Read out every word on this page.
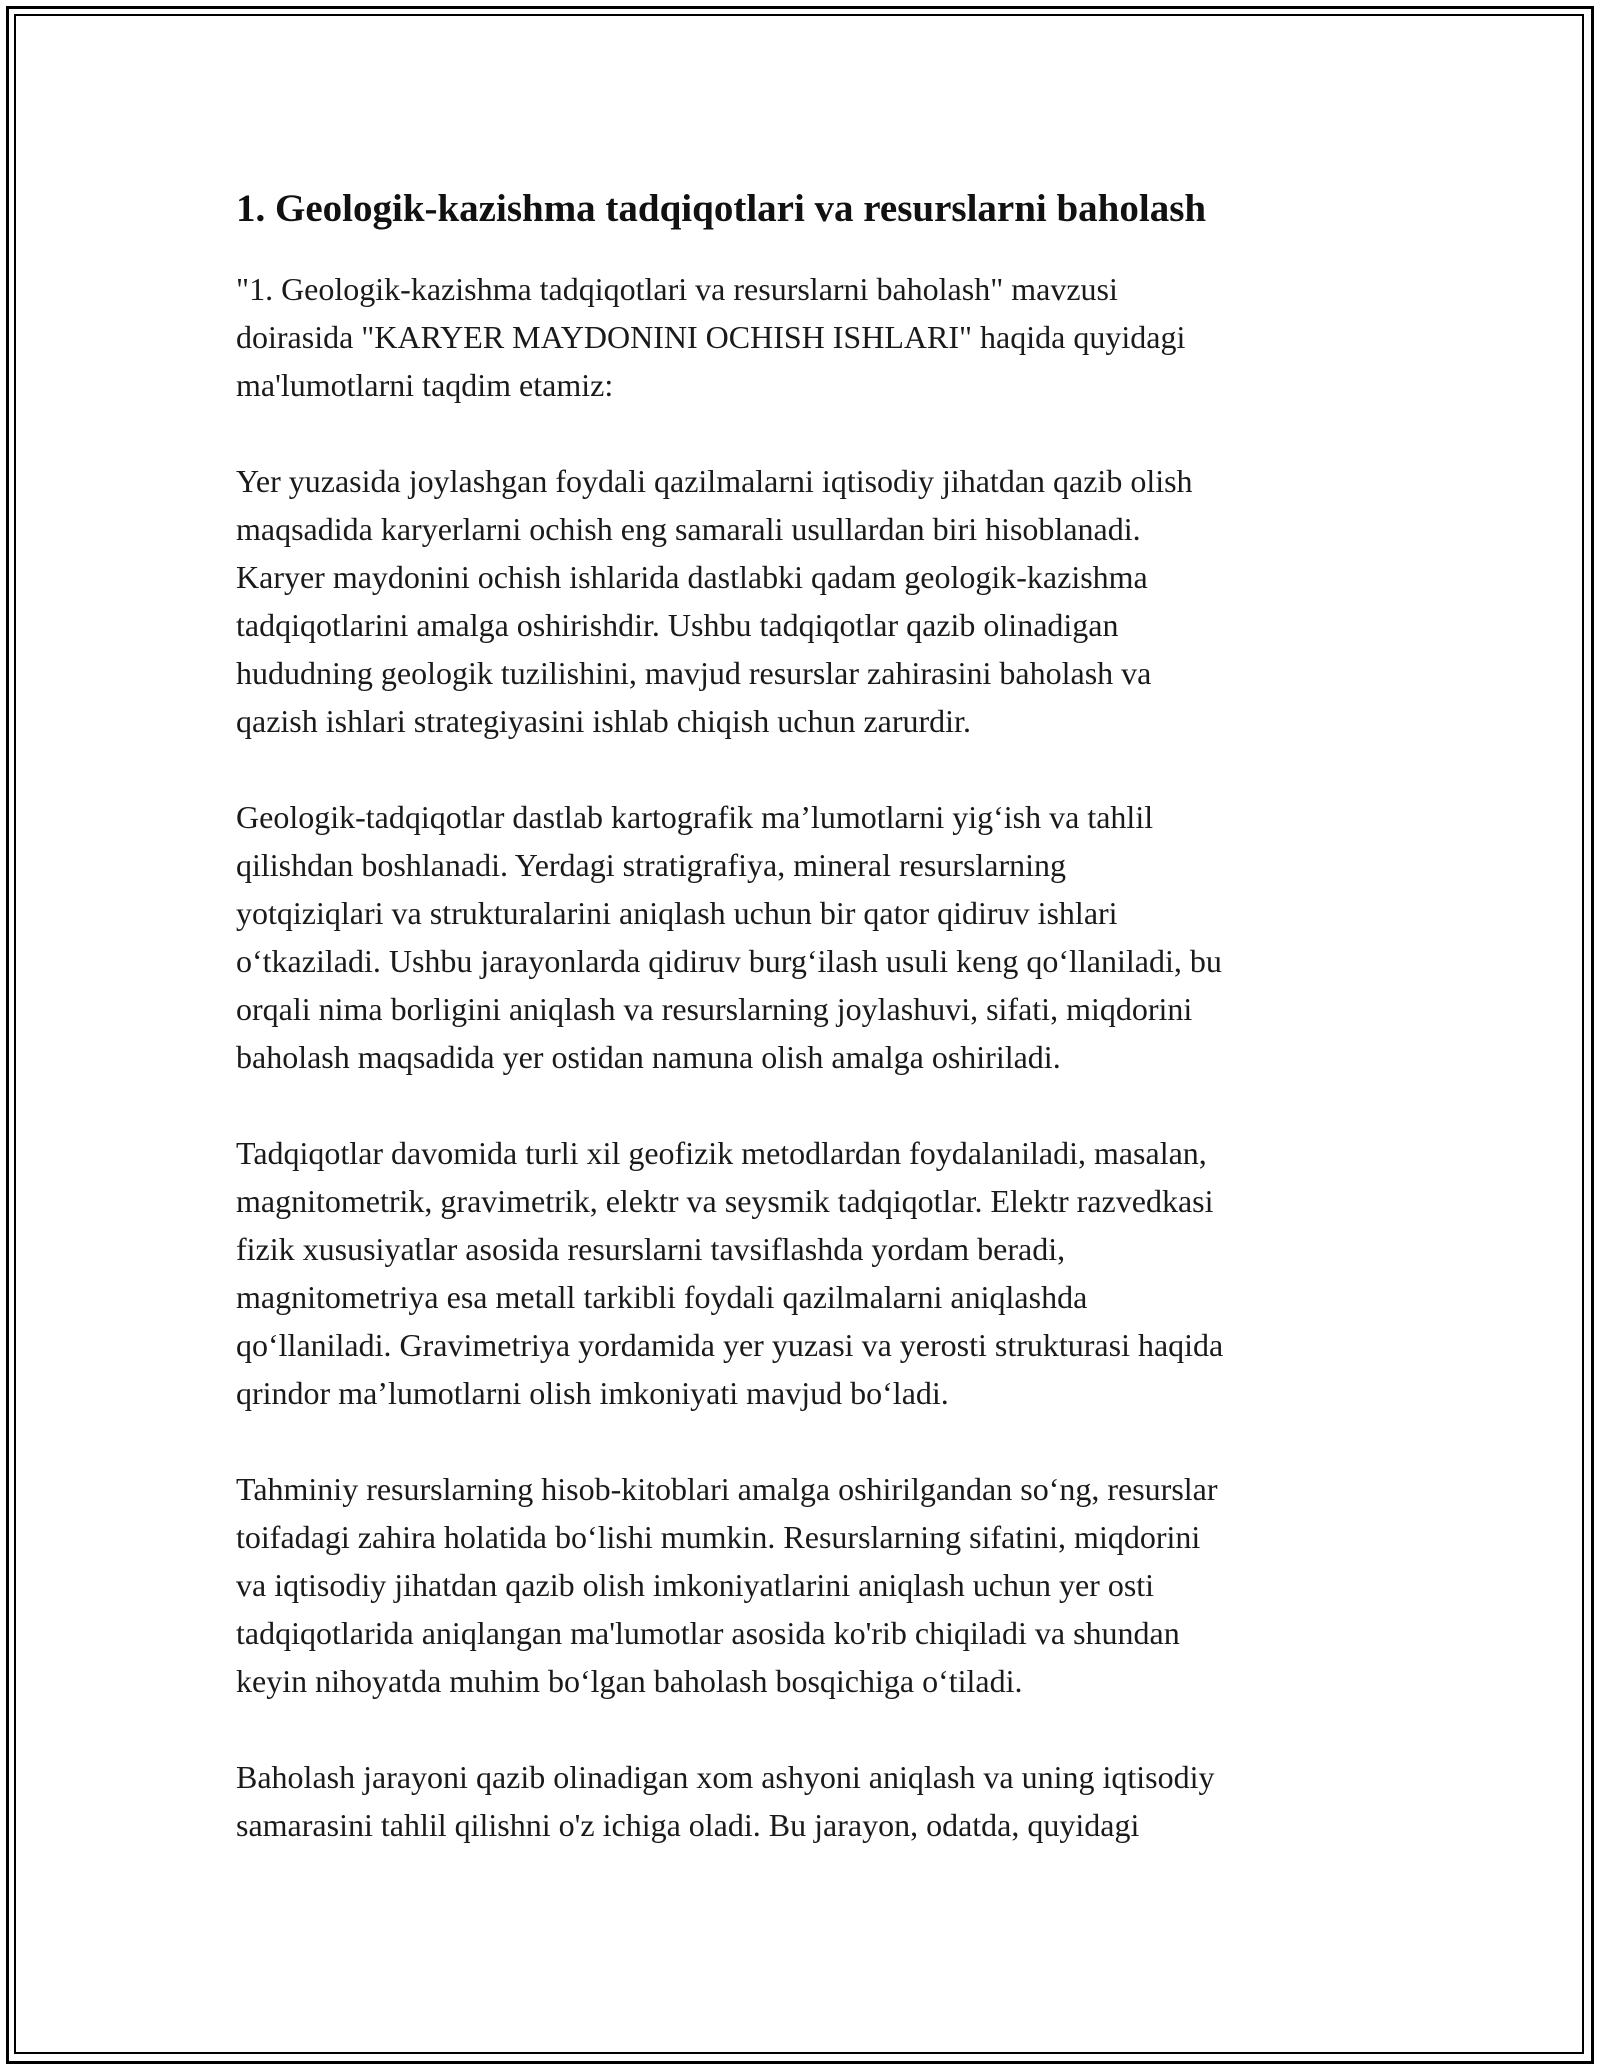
1. Geologik-kazishma tadqiqotlari va resurslarni baholash

"1. Geologik-kazishma tadqiqotlari va resurslarni baholash" mavzusi
doirasida "KARYER MAYDONINI OCHISH ISHLARI" haqida quyidagi
ma'lumotlarni taqdim etamiz:

Yer yuzasida joylashgan foydali qazilmalarni iqtisodiy jihatdan qazib olish
maqsadida karyerlarni ochish eng samarali usullardan biri hisoblanadi.
Karyer maydonini ochish ishlarida dastlabki qadam geologik-kazishma
tadqiqotlarini amalga oshirishdir. Ushbu tadqiqotlar qazib olinadigan
hududning geologik tuzilishini, mavjud resurslar zahirasini baholash va
qazish ishlari strategiyasini ishlab chiqish uchun zarurdir.

Geologik-tadqiqotlar dastlab kartografik ma’lumotlarni yig‘ish va tahlil
qilishdan boshlanadi. Yerdagi stratigrafiya, mineral resurslarning
yotqiziqlari va strukturalarini aniqlash uchun bir qator qidiruv ishlari
o‘tkaziladi. Ushbu jarayonlarda qidiruv burg‘ilash usuli keng qo‘llaniladi, bu
orqali nima borligini aniqlash va resurslarning joylashuvi, sifati, miqdorini
baholash maqsadida yer ostidan namuna olish amalga oshiriladi.

Tadqiqotlar davomida turli xil geofizik metodlardan foydalaniladi, masalan,
magnitometrik, gravimetrik, elektr va seysmik tadqiqotlar. Elektr razvedkasi
fizik xususiyatlar asosida resurslarni tavsiflashda yordam beradi,
magnitometriya esa metall tarkibli foydali qazilmalarni aniqlashda
qo‘llaniladi. Gravimetriya yordamida yer yuzasi va yerosti strukturasi haqida
qrindor ma’lumotlarni olish imkoniyati mavjud bo‘ladi.

Tahminiy resurslarning hisob-kitoblari amalga oshirilgandan so‘ng, resurslar
toifadagi zahira holatida bo‘lishi mumkin. Resurslarning sifatini, miqdorini
va iqtisodiy jihatdan qazib olish imkoniyatlarini aniqlash uchun yer osti
tadqiqotlarida aniqlangan ma'lumotlar asosida ko'rib chiqiladi va shundan
keyin nihoyatda muhim bo‘lgan baholash bosqichiga o‘tiladi.

Baholash jarayoni qazib olinadigan xom ashyoni aniqlash va uning iqtisodiy
samarasini tahlil qilishni o'z ichiga oladi. Bu jarayon, odatda, quyidagi
